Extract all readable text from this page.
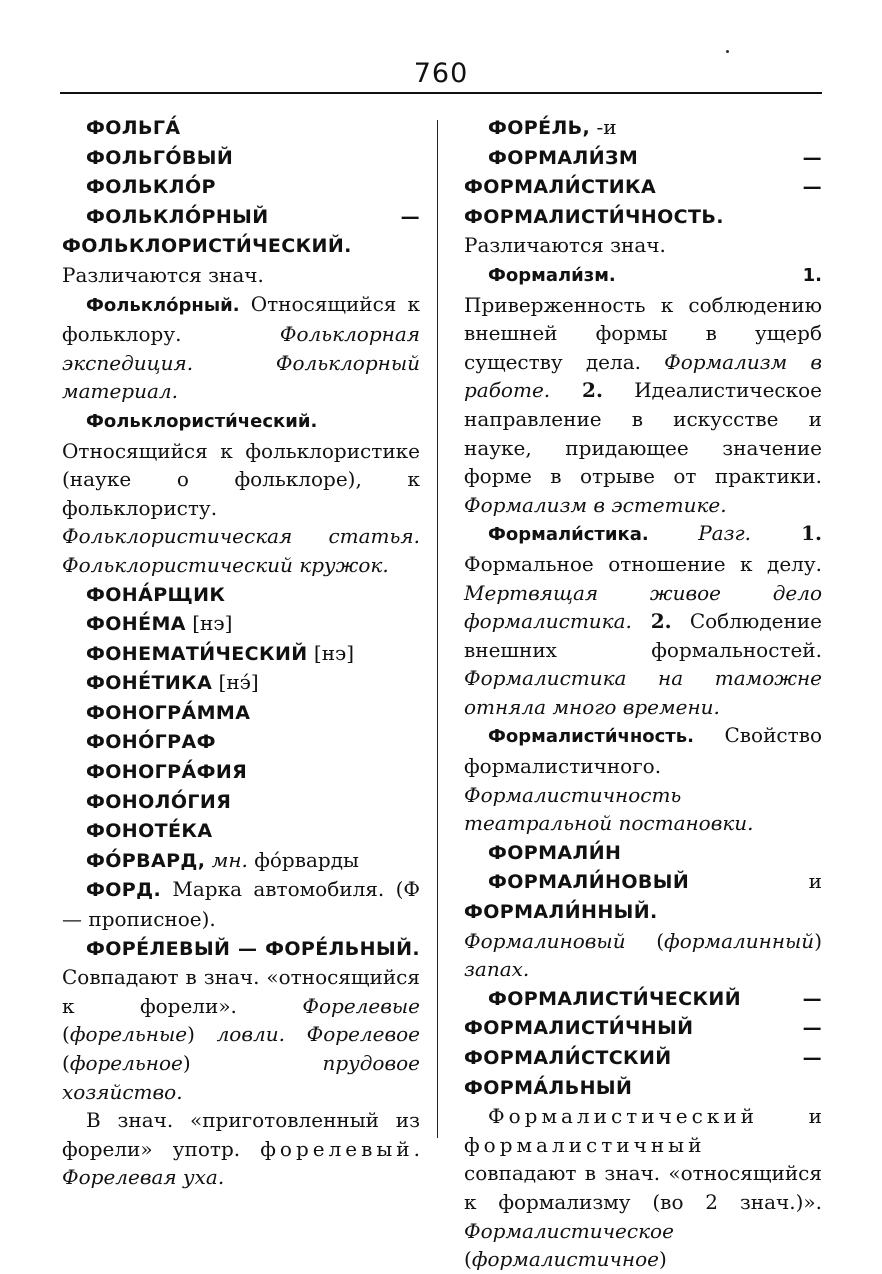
760

ФОЛЬГА́

ФОЛЬГО́ВЫЙ

ФОЛЬКЛО́Р

ФОЛЬКЛО́РНЫЙ — ФОЛЬКЛОРИСТИ́ЧЕСКИЙ. Различаются знач.

Фолькло́рный. Относящийся к фольклору. Фольклорная экспедиция. Фольклорный материал.

Фольклористи́ческий. Относящийся к фольклористике (науке о фольклоре), к фольклористу. Фольклористическая статья. Фольклористический кружок.

ФОНА́РЩИК

ФОНЕ́МА [нэ]

ФОНЕМАТИ́ЧЕСКИЙ [нэ]

ФОНЕ́ТИКА [нэ́]

ФОНОГРА́ММА

ФОНО́ГРАФ

ФОНОГРА́ФИЯ

ФОНОЛО́ГИЯ

ФОНОТЕ́КА

ФО́РВАРД, мн. фо́рварды

ФОРД. Марка автомобиля. (Ф — прописное).

ФОРЕ́ЛЕВЫЙ — ФОРЕ́ЛЬНЫЙ. Совпадают в знач. «относящийся к форели». Форелевые (форельные) ловли. Форелевое (форельное) прудовое хозяйство.

В знач. «приготовленный из форели» употр. форелевый. Форелевая уха.

ФОРЕ́ЛЬ, -и

ФОРМАЛИ́ЗМ — ФОРМАЛИ́СТИКА — ФОРМАЛИСТИ́ЧНОСТЬ. Различаются знач.

Формали́зм. 1. Приверженность к соблюдению внешней формы в ущерб существу дела. Формализм в работе. 2. Идеалистическое направление в искусстве и науке, придающее значение форме в отрыве от практики. Формализм в эстетике.

Формали́стика. Разг. 1. Формальное отношение к делу. Мертвящая живое дело формалистика. 2. Соблюдение внешних формальностей. Формалистика на таможне отняла много времени.

Формалисти́чность. Свойство формалистичного. Формалистичность театральной постановки.

ФОРМАЛИ́Н

ФОРМАЛИ́НОВЫЙ и ФОРМАЛИ́ННЫЙ. Формалиновый (формалинный) запах.

ФОРМАЛИСТИ́ЧЕСКИЙ — ФОРМАЛИСТИ́ЧНЫЙ — ФОРМАЛИ́СТСКИЙ — ФОРМА́ЛЬНЫЙ

Формалистический и формалистичный совпадают в знач. «относящийся к формализму (во 2 знач.)». Формалистическое (формалистичное)
